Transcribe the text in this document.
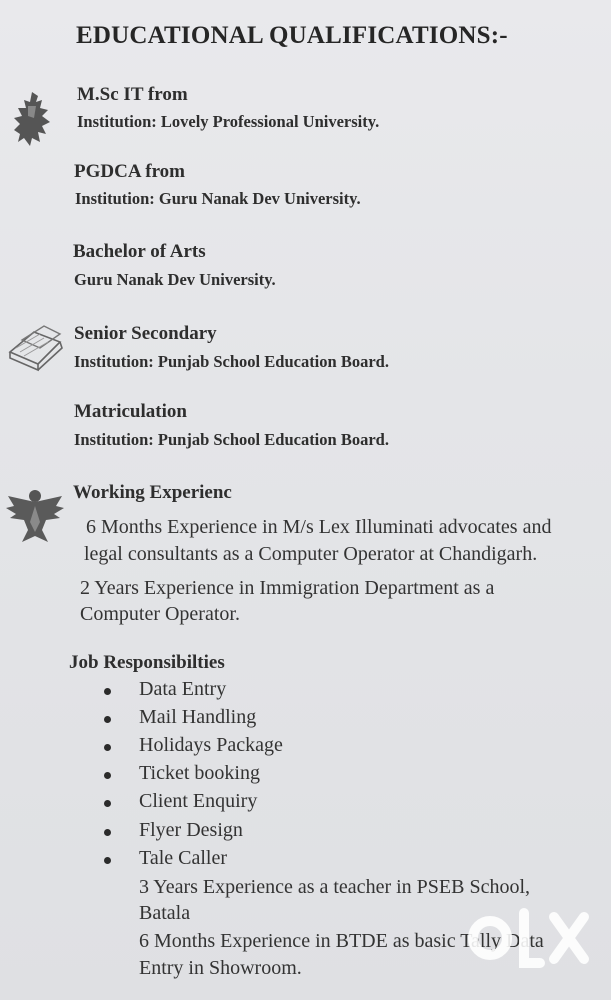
EDUCATIONAL QUALIFICATIONS:-
M.Sc IT from
Institution: Lovely Professional University.
PGDCA from
Institution: Guru Nanak Dev University.
Bachelor of Arts
Guru Nanak Dev University.
Senior Secondary
Institution: Punjab School Education Board.
Matriculation
Institution: Punjab School Education Board.
Working Experienc
6 Months Experience in M/s Lex Illuminati advocates and
legal consultants as a Computer Operator at Chandigarh.
2 Years Experience in Immigration Department as a
Computer Operator.
Job Responsibilties
Data Entry
Mail Handling
Holidays Package
Ticket booking
Client Enquiry
Flyer Design
Tale Caller
3 Years Experience as a teacher in PSEB School,
Batala
6 Months Experience in BTDE as basic Tally Data
Entry in Showroom.
